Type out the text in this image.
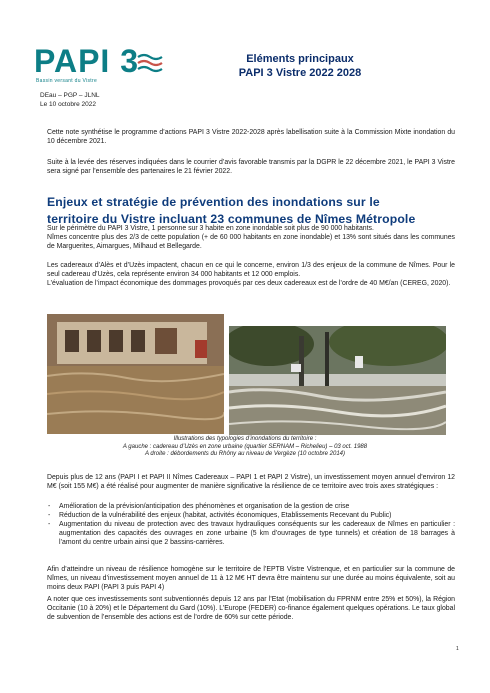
PAPI 3
Bassin versant du Vistre
Eléments principaux
PAPI 3 Vistre 2022 2028
DEau – PGP – JLNL
Le 10 octobre 2022
Cette note synthétise le programme d’actions PAPI 3 Vistre 2022-2028 après labellisation suite à la Commission Mixte inondation du 10 décembre 2021.
Suite à la levée des réserves indiquées dans le courrier d’avis favorable transmis par la DGPR le 22 décembre 2021, le PAPI 3 Vistre sera signé par l’ensemble des partenaires le 21 février 2022.
Enjeux et stratégie de prévention des inondations sur le
territoire du Vistre incluant 23 communes de Nîmes Métropole
Sur le périmètre du PAPI 3 Vistre, 1 personne sur 3 habite en zone inondable soit plus de 90 000 habitants.
Nîmes concentre plus des 2/3 de cette population (+ de 60 000 habitants en zone inondable) et 13% sont situés dans les communes de Marguerites, Aimargues, Milhaud et Bellegarde.
Les cadereaux d’Alès et d’Uzès impactent, chacun en ce qui le concerne, environ 1/3 des enjeux de la commune de Nîmes. Pour le seul cadereau d’Uzès, cela représente environ 34 000 habitants et 12 000 emplois.
L’évaluation de l’impact économique des dommages provoqués par ces deux cadereaux est de l’ordre de 40 M€/an (CEREG, 2020).
Illustrations des typologies d’inondations du territoire :
A gauche : cadereau d’Uzès en zone urbaine (quartier SERNAM – Richelieu) – 03 oct. 1988
A droite : débordements du Rhôny au niveau de Vergèze (10 octobre 2014)
Depuis plus de 12 ans (PAPI I et PAPI II Nîmes Cadereaux – PAPI 1 et PAPI 2 Vistre), un investissement moyen annuel d’environ 12 M€ (soit 155 M€) a été réalisé pour augmenter de manière significative la résilience de ce territoire avec trois axes stratégiques :
- Amélioration de la prévision/anticipation des phénomènes et organisation de la gestion de crise
- Réduction de la vulnérabilité des enjeux (habitat, activités économiques, Etablissements Recevant du Public)
- Augmentation du niveau de protection avec des travaux hydrauliques conséquents sur les cadereaux de Nîmes en particulier : augmentation des capacités des ouvrages en zone urbaine (5 km d’ouvrages de type tunnels) et création de 18 barrages à l’amont du centre urbain ainsi que 2 bassins-carrières.
Afin d’atteindre un niveau de résilience homogène sur le territoire de l’EPTB Vistre Vistrenque, et en particulier sur la commune de Nîmes, un niveau d’investissement moyen annuel de 11 à 12 M€ HT devra être maintenu sur une durée au moins équivalente, soit au moins deux PAPI (PAPI 3 puis PAPI 4)
A noter que ces investissements sont subventionnés depuis 12 ans par l’Etat (mobilisation du FPRNM entre 25% et 50%), la Région Occitanie (10 à 20%) et le Département du Gard (10%). L’Europe (FEDER) co-finance également quelques opérations. Le taux global de subvention de l’ensemble des actions est de l’ordre de 60% sur cette période.
1
